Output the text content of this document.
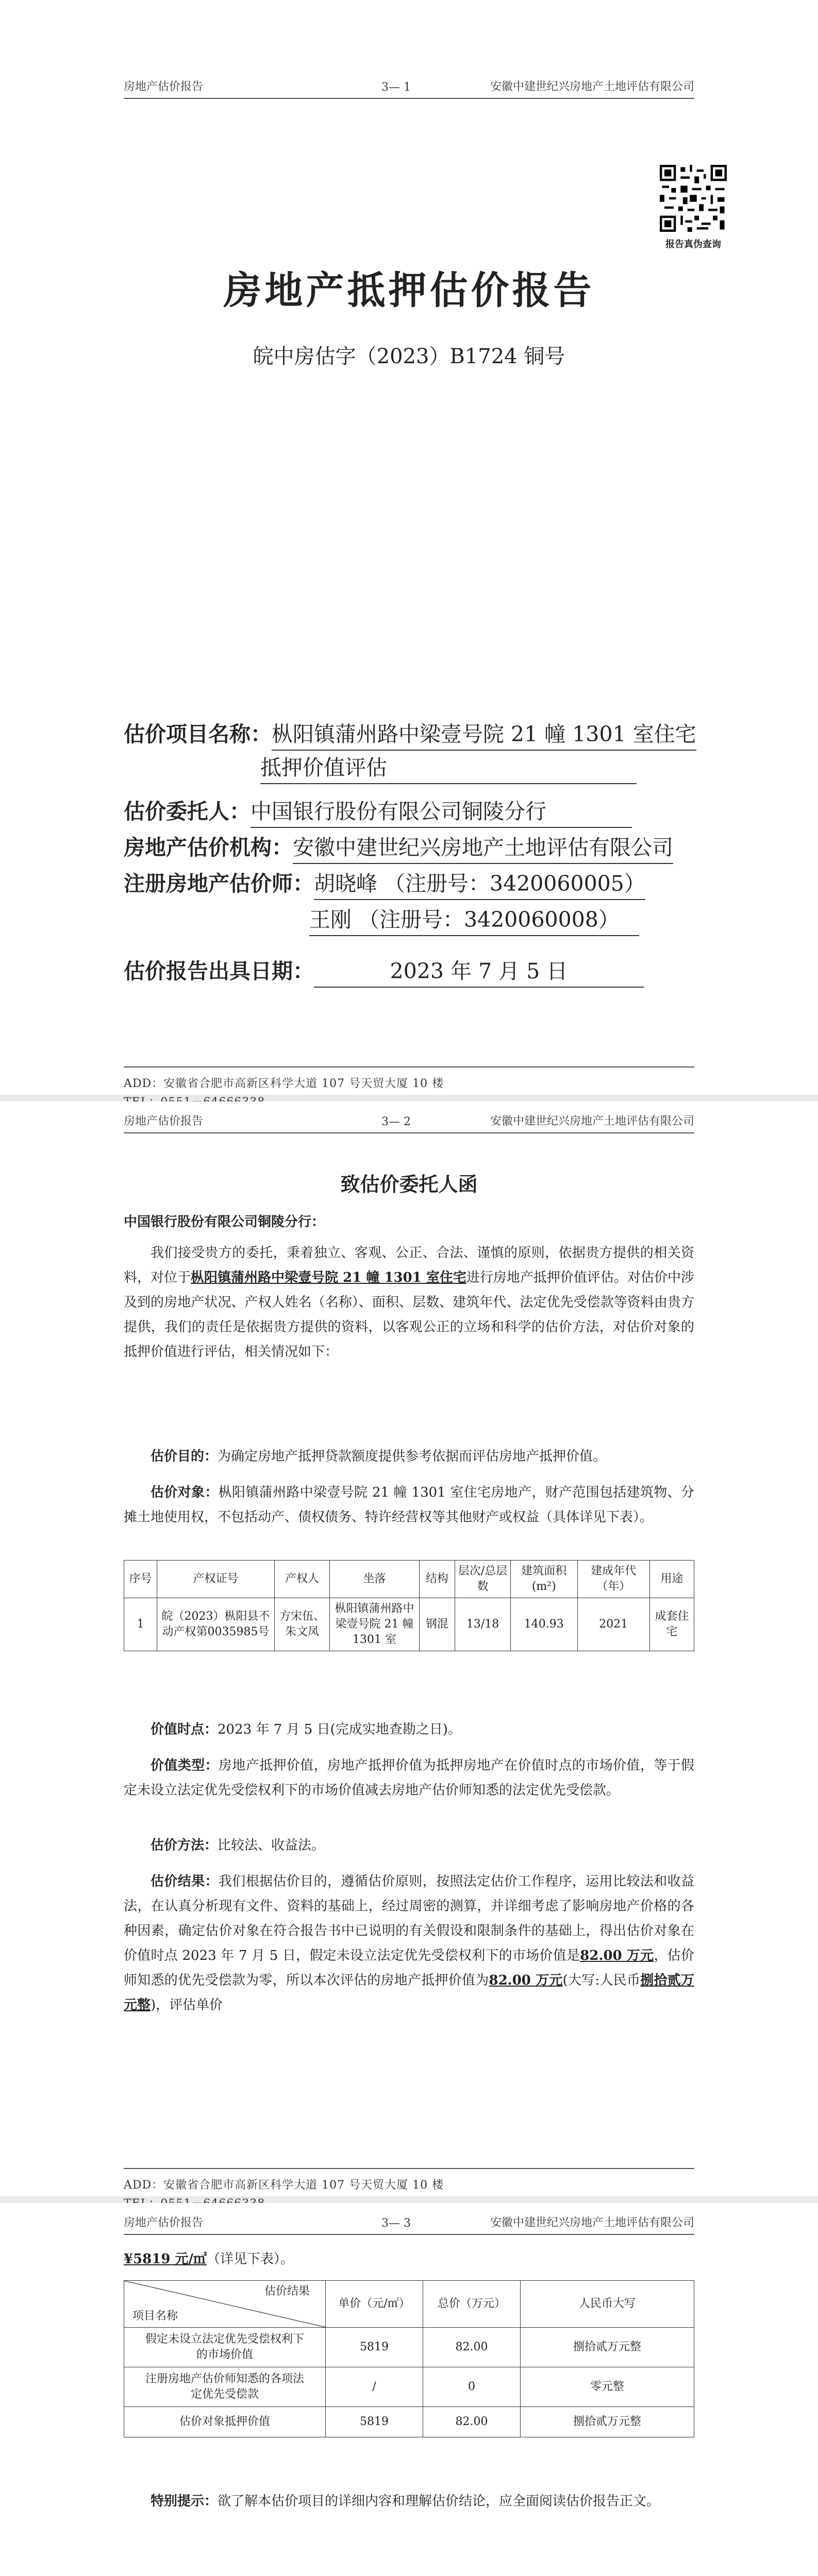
房地产估价报告	3— 1	安徽中建世纪兴房地产土地评估有限公司
报告真伪查询
房地产抵押估价报告
皖中房估字（2023）B1724 铜号
估价项目名称：枞阳镇蒲州路中梁壹号院 21 幢 1301 室住宅
抵押价值评估
估价委托人：中国银行股份有限公司铜陵分行
房地产估价机构：安徽中建世纪兴房地产土地评估有限公司
注册房地产估价师：胡晓峰 （注册号：3420060005）
王刚 （注册号：3420060008）
估价报告出具日期：	2023 年 7 月 5 日
ADD：安徽省合肥市高新区科学大道 107 号天贸大厦 10 楼
房地产估价报告	3— 2	安徽中建世纪兴房地产土地评估有限公司
致估价委托人函

中国银行股份有限公司铜陵分行：

我们接受贵方的委托，秉着独立、客观、公正、合法、谨慎的原则，依据贵方提供的相关资料，对位于枞阳镇蒲州路中梁壹号院 21 幢 1301 室住宅进行房地产抵押价值评估。对估价中涉及到的房地产状况、产权人姓名（名称）、面积、层数、建筑年代、法定优先受偿款等资料由贵方提供，我们的责任是依据贵方提供的资料，以客观公正的立场和科学的估价方法，对估价对象的抵押价值进行评估，相关情况如下：

估价目的：为确定房地产抵押贷款额度提供参考依据而评估房地产抵押价值。

估价对象：枞阳镇蒲州路中梁壹号院 21 幢 1301 室住宅房地产，财产范围包括建筑物、分摊土地使用权，不包括动产、债权债务、特许经营权等其他财产或权益（具体详见下表）。

序号	产权证号	产权人	坐落	结构	层次/总层数	建筑面积(m²)	建成年代（年）	用途
1	皖（2023）枞阳县不动产权第0035985号	方宋伍、朱文凤	枞阳镇蒲州路中梁壹号院 21 幢 1301 室	钢混	13/18	140.93	2021	成套住宅

价值时点：2023 年 7 月 5 日(完成实地查勘之日)。

价值类型：房地产抵押价值，房地产抵押价值为抵押房地产在价值时点的市场价值，等于假定未设立法定优先受偿权利下的市场价值减去房地产估价师知悉的法定优先受偿款。

估价方法：比较法、收益法。

估价结果：我们根据估价目的，遵循估价原则，按照法定估价工作程序，运用比较法和收益法，在认真分析现有文件、资料的基础上，经过周密的测算，并详细考虑了影响房地产价格的各种因素，确定估价对象在符合报告书中已说明的有关假设和限制条件的基础上，得出估价对象在价值时点 2023 年 7 月 5 日，假定未设立法定优先受偿权利下的市场价值是82.00 万元，估价师知悉的优先受偿款为零，所以本次评估的房地产抵押价值为82.00 万元(大写:人民币捌拾贰万元整)，评估单价

ADD：安徽省合肥市高新区科学大道 107 号天贸大厦 10 楼
房地产估价报告	3— 3	安徽中建世纪兴房地产土地评估有限公司

¥5819 元/㎡（详见下表）。

估价结果
项目名称	单价（元/㎡）	总价（万元）	人民币大写

假定未设立法定优先受偿权利下的市场价值	5819	82.00	捌拾贰万元整
注册房地产估价师知悉的各项法定优先受偿款	/	0	零元整
估价对象抵押价值	5819	82.00	捌拾贰万元整

特别提示：欲了解本估价项目的详细内容和理解估价结论，应全面阅读估价报告正文。
